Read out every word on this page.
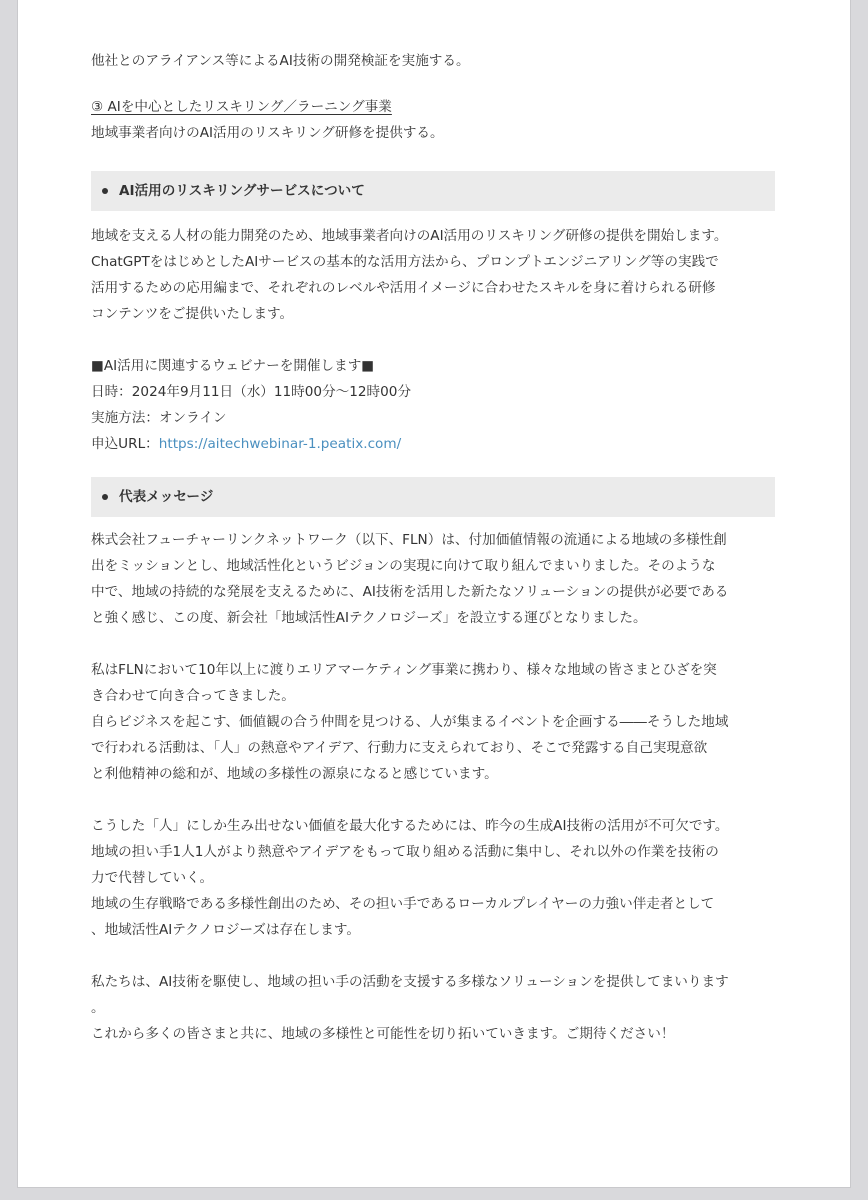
他社とのアライアンス等によるAI技術の開発検証を実施する。
③ AIを中心としたリスキリング／ラーニング事業
地域事業者向けのAI活用のリスキリング研修を提供する。
AI活用のリスキリングサービスについて
地域を支える人材の能力開発のため、地域事業者向けのAI活用のリスキリング研修の提供を開始します。
ChatGPTをはじめとしたAIサービスの基本的な活用方法から、プロンプトエンジニアリング等の実践で
活用するための応用編まで、それぞれのレベルや活用イメージに合わせたスキルを身に着けられる研修
コンテンツをご提供いたします。
■AI活用に関連するウェビナーを開催します■
日時：2024年9月11日（水）11時00分～12時00分
実施方法：オンライン
申込URL：https://aitechwebinar-1.peatix.com/
代表メッセージ
株式会社フューチャーリンクネットワーク（以下、FLN）は、付加価値情報の流通による地域の多様性創
出をミッションとし、地域活性化というビジョンの実現に向けて取り組んでまいりました。そのような
中で、地域の持続的な発展を支えるために、AI技術を活用した新たなソリューションの提供が必要である
と強く感じ、この度、新会社「地域活性AIテクノロジーズ」を設立する運びとなりました。
私はFLNにおいて10年以上に渡りエリアマーケティング事業に携わり、様々な地域の皆さまとひざを突
き合わせて向き合ってきました。
自らビジネスを起こす、価値観の合う仲間を見つける、人が集まるイベントを企画する――そうした地域
で行われる活動は、「人」の熱意やアイデア、行動力に支えられており、そこで発露する自己実現意欲
と利他精神の総和が、地域の多様性の源泉になると感じています。
こうした「人」にしか生み出せない価値を最大化するためには、昨今の生成AI技術の活用が不可欠です。
地域の担い手1人1人がより熱意やアイデアをもって取り組める活動に集中し、それ以外の作業を技術の
力で代替していく。
地域の生存戦略である多様性創出のため、その担い手であるローカルプレイヤーの力強い伴走者として
、地域活性AIテクノロジーズは存在します。
私たちは、AI技術を駆使し、地域の担い手の活動を支援する多様なソリューションを提供してまいります
。
これから多くの皆さまと共に、地域の多様性と可能性を切り拓いていきます。ご期待ください！
